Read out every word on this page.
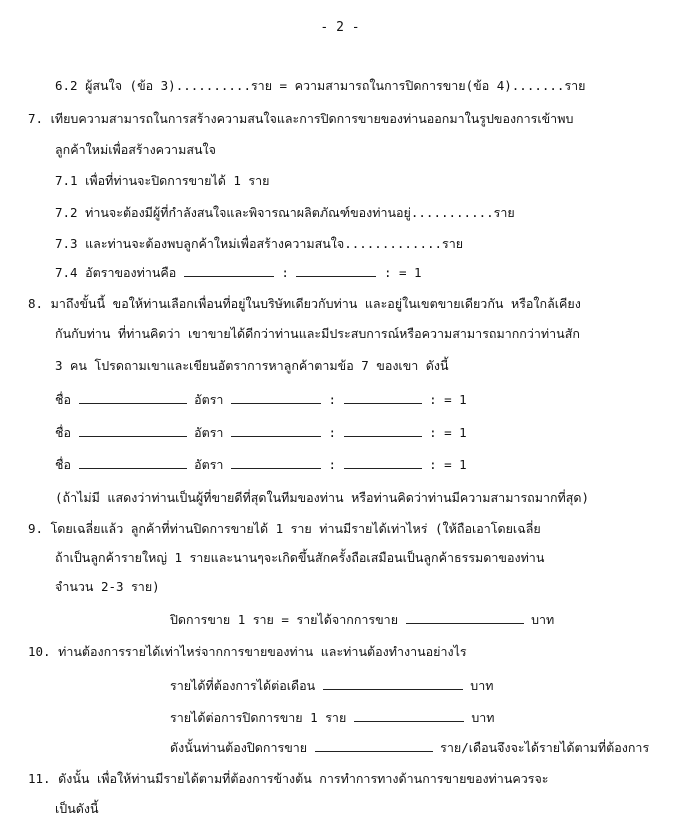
- 2 -
6.2 ผู้สนใจ (ข้อ 3)..........ราย = ความสามารถในการปิดการขาย(ข้อ 4).......ราย
7. เทียบความสามารถในการสร้างความสนใจและการปิดการขายของท่านออกมาในรูปของการเข้าพบ
ลูกค้าใหม่เพื่อสร้างความสนใจ
7.1 เพื่อที่ท่านจะปิดการขายได้ 1 ราย
7.2 ท่านจะต้องมีผู้ที่กำลังสนใจและพิจารณาผลิตภัณฑ์ของท่านอยู่...........ราย
7.3 และท่านจะต้องพบลูกค้าใหม่เพื่อสร้างความสนใจ.............ราย
7.4 อัตราของท่านคือ	:	: = 1
8. มาถึงขั้นนี้ ขอให้ท่านเลือกเพื่อนที่อยู่ในบริษัทเดียวกับท่าน และอยู่ในเขตขายเดียวกัน หรือใกล้เคียง
กันกับท่าน ที่ท่านคิดว่า เขาขายได้ดีกว่าท่านและมีประสบการณ์หรือความสามารถมากกว่าท่านสัก
3 คน โปรดถามเขาและเขียนอัตราการหาลูกค้าตามข้อ 7 ของเขา ดังนี้
ชื่อ	อัตรา	:	: = 1
ชื่อ	อัตรา	:	: = 1
ชื่อ	อัตรา	:	: = 1
(ถ้าไม่มี แสดงว่าท่านเป็นผู้ที่ขายดีที่สุดในทีมของท่าน หรือท่านคิดว่าท่านมีความสามารถมากที่สุด)
9. โดยเฉลี่ยแล้ว ลูกค้าที่ท่านปิดการขายได้ 1 ราย ท่านมีรายได้เท่าไหร่ (ให้ถือเอาโดยเฉลี่ย
ถ้าเป็นลูกค้ารายใหญ่ 1 รายและนานๆจะเกิดขึ้นสักครั้งถือเสมือนเป็นลูกค้าธรรมดาของท่าน
จำนวน 2-3 ราย)
ปิดการขาย 1 ราย = รายได้จากการขาย	บาท
10. ท่านต้องการรายได้เท่าไหร่จากการขายของท่าน และท่านต้องทำงานอย่างไร
รายได้ที่ต้องการได้ต่อเดือน	บาท
รายได้ต่อการปิดการขาย 1 ราย	บาท
ดังนั้นท่านต้องปิดการขาย	ราย/เดือนจึงจะได้รายได้ตามที่ต้องการ
11. ดังนั้น เพื่อให้ท่านมีรายได้ตามที่ต้องการข้างต้น การทำการทางด้านการขายของท่านควรจะ
เป็นดังนี้
